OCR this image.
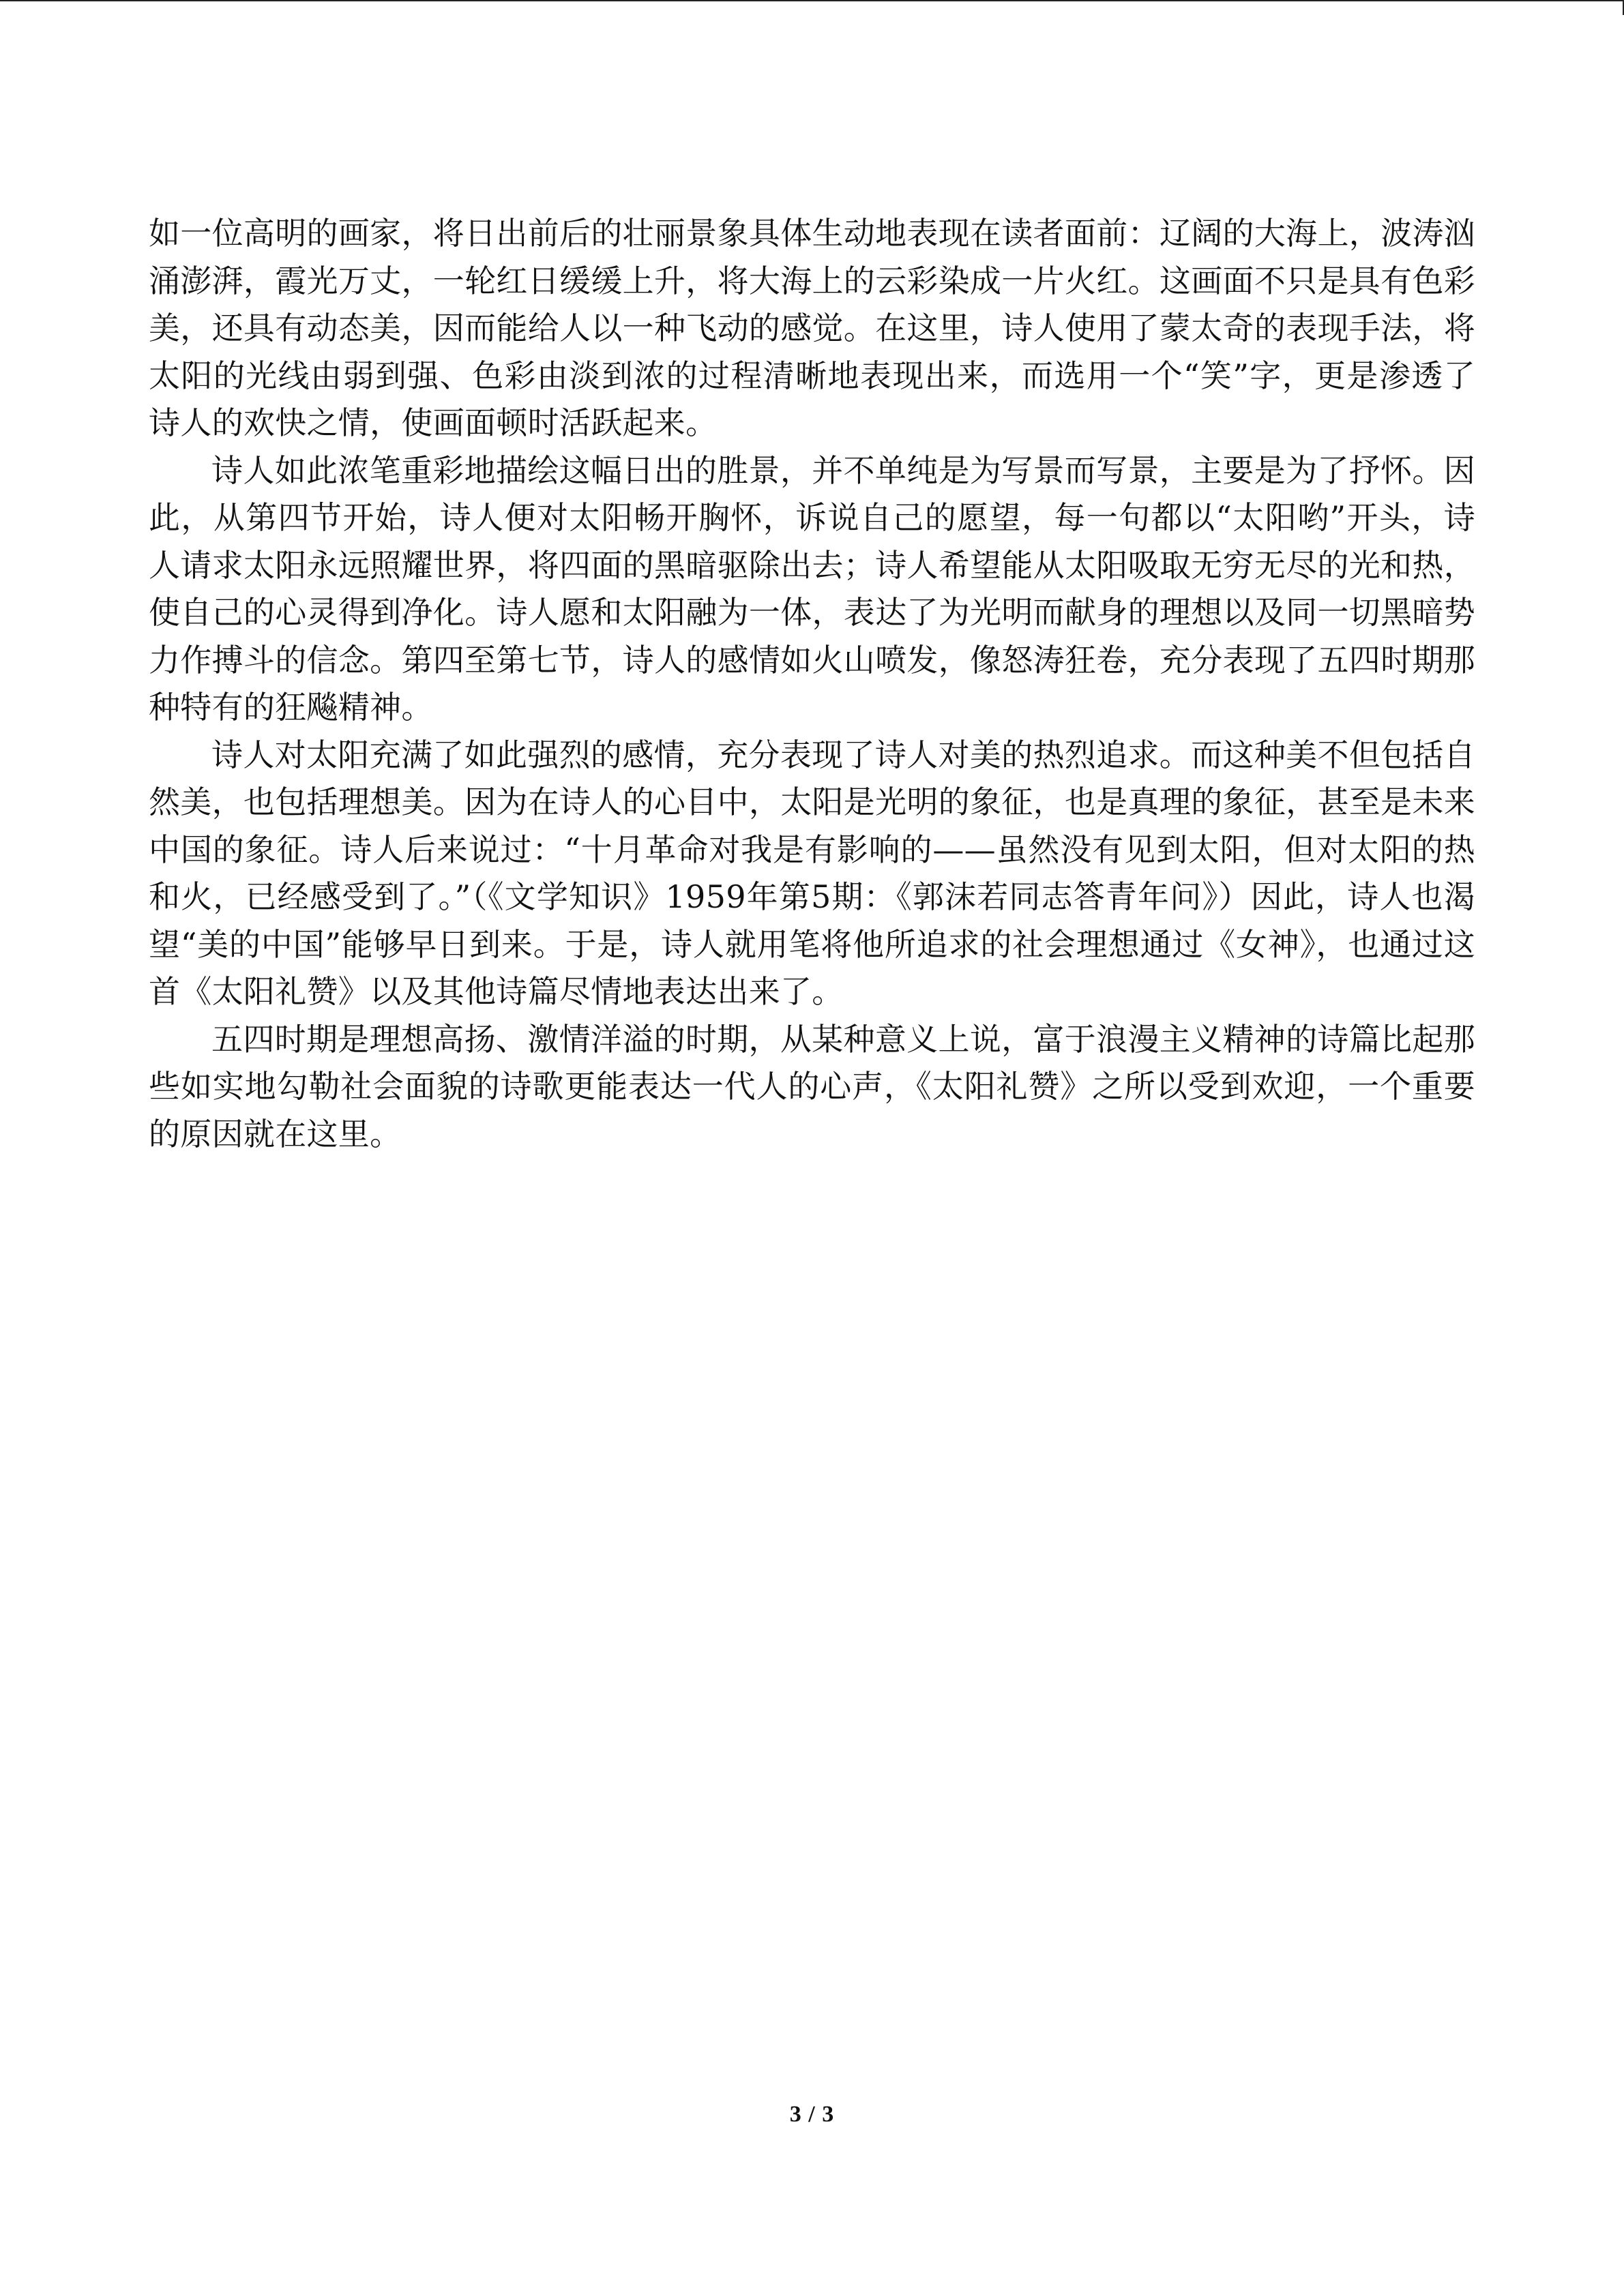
如一位高明的画家，将日出前后的壮丽景象具体生动地表现在读者面前：辽阔的大海上，波涛汹涌澎湃，霞光万丈，一轮红日缓缓上升，将大海上的云彩染成一片火红。这画面不只是具有色彩美，还具有动态美，因而能给人以一种飞动的感觉。在这里，诗人使用了蒙太奇的表现手法，将太阳的光线由弱到强、色彩由淡到浓的过程清晰地表现出来，而选用一个“笑”字，更是渗透了诗人的欢快之情，使画面顿时活跃起来。

诗人如此浓笔重彩地描绘这幅日出的胜景，并不单纯是为写景而写景，主要是为了抒怀。因此，从第四节开始，诗人便对太阳畅开胸怀，诉说自己的愿望，每一句都以“太阳哟”开头，诗人请求太阳永远照耀世界，将四面的黑暗驱除出去；诗人希望能从太阳吸取无穷无尽的光和热，使自己的心灵得到净化。诗人愿和太阳融为一体，表达了为光明而献身的理想以及同一切黑暗势力作搏斗的信念。第四至第七节，诗人的感情如火山喷发，像怒涛狂卷，充分表现了五四时期那种特有的狂飚精神。

诗人对太阳充满了如此强烈的感情，充分表现了诗人对美的热烈追求。而这种美不但包括自然美，也包括理想美。因为在诗人的心目中，太阳是光明的象征，也是真理的象征，甚至是未来中国的象征。诗人后来说过：“十月革命对我是有影响的——虽然没有见到太阳，但对太阳的热和火，已经感受到了。”（《文学知识》1959年第5期：《郭沫若同志答青年问》）因此，诗人也渴望“美的中国”能够早日到来。于是，诗人就用笔将他所追求的社会理想通过《女神》，也通过这首《太阳礼赞》以及其他诗篇尽情地表达出来了。

五四时期是理想高扬、激情洋溢的时期，从某种意义上说，富于浪漫主义精神的诗篇比起那些如实地勾勒社会面貌的诗歌更能表达一代人的心声，《太阳礼赞》之所以受到欢迎，一个重要的原因就在这里。

3 / 3
